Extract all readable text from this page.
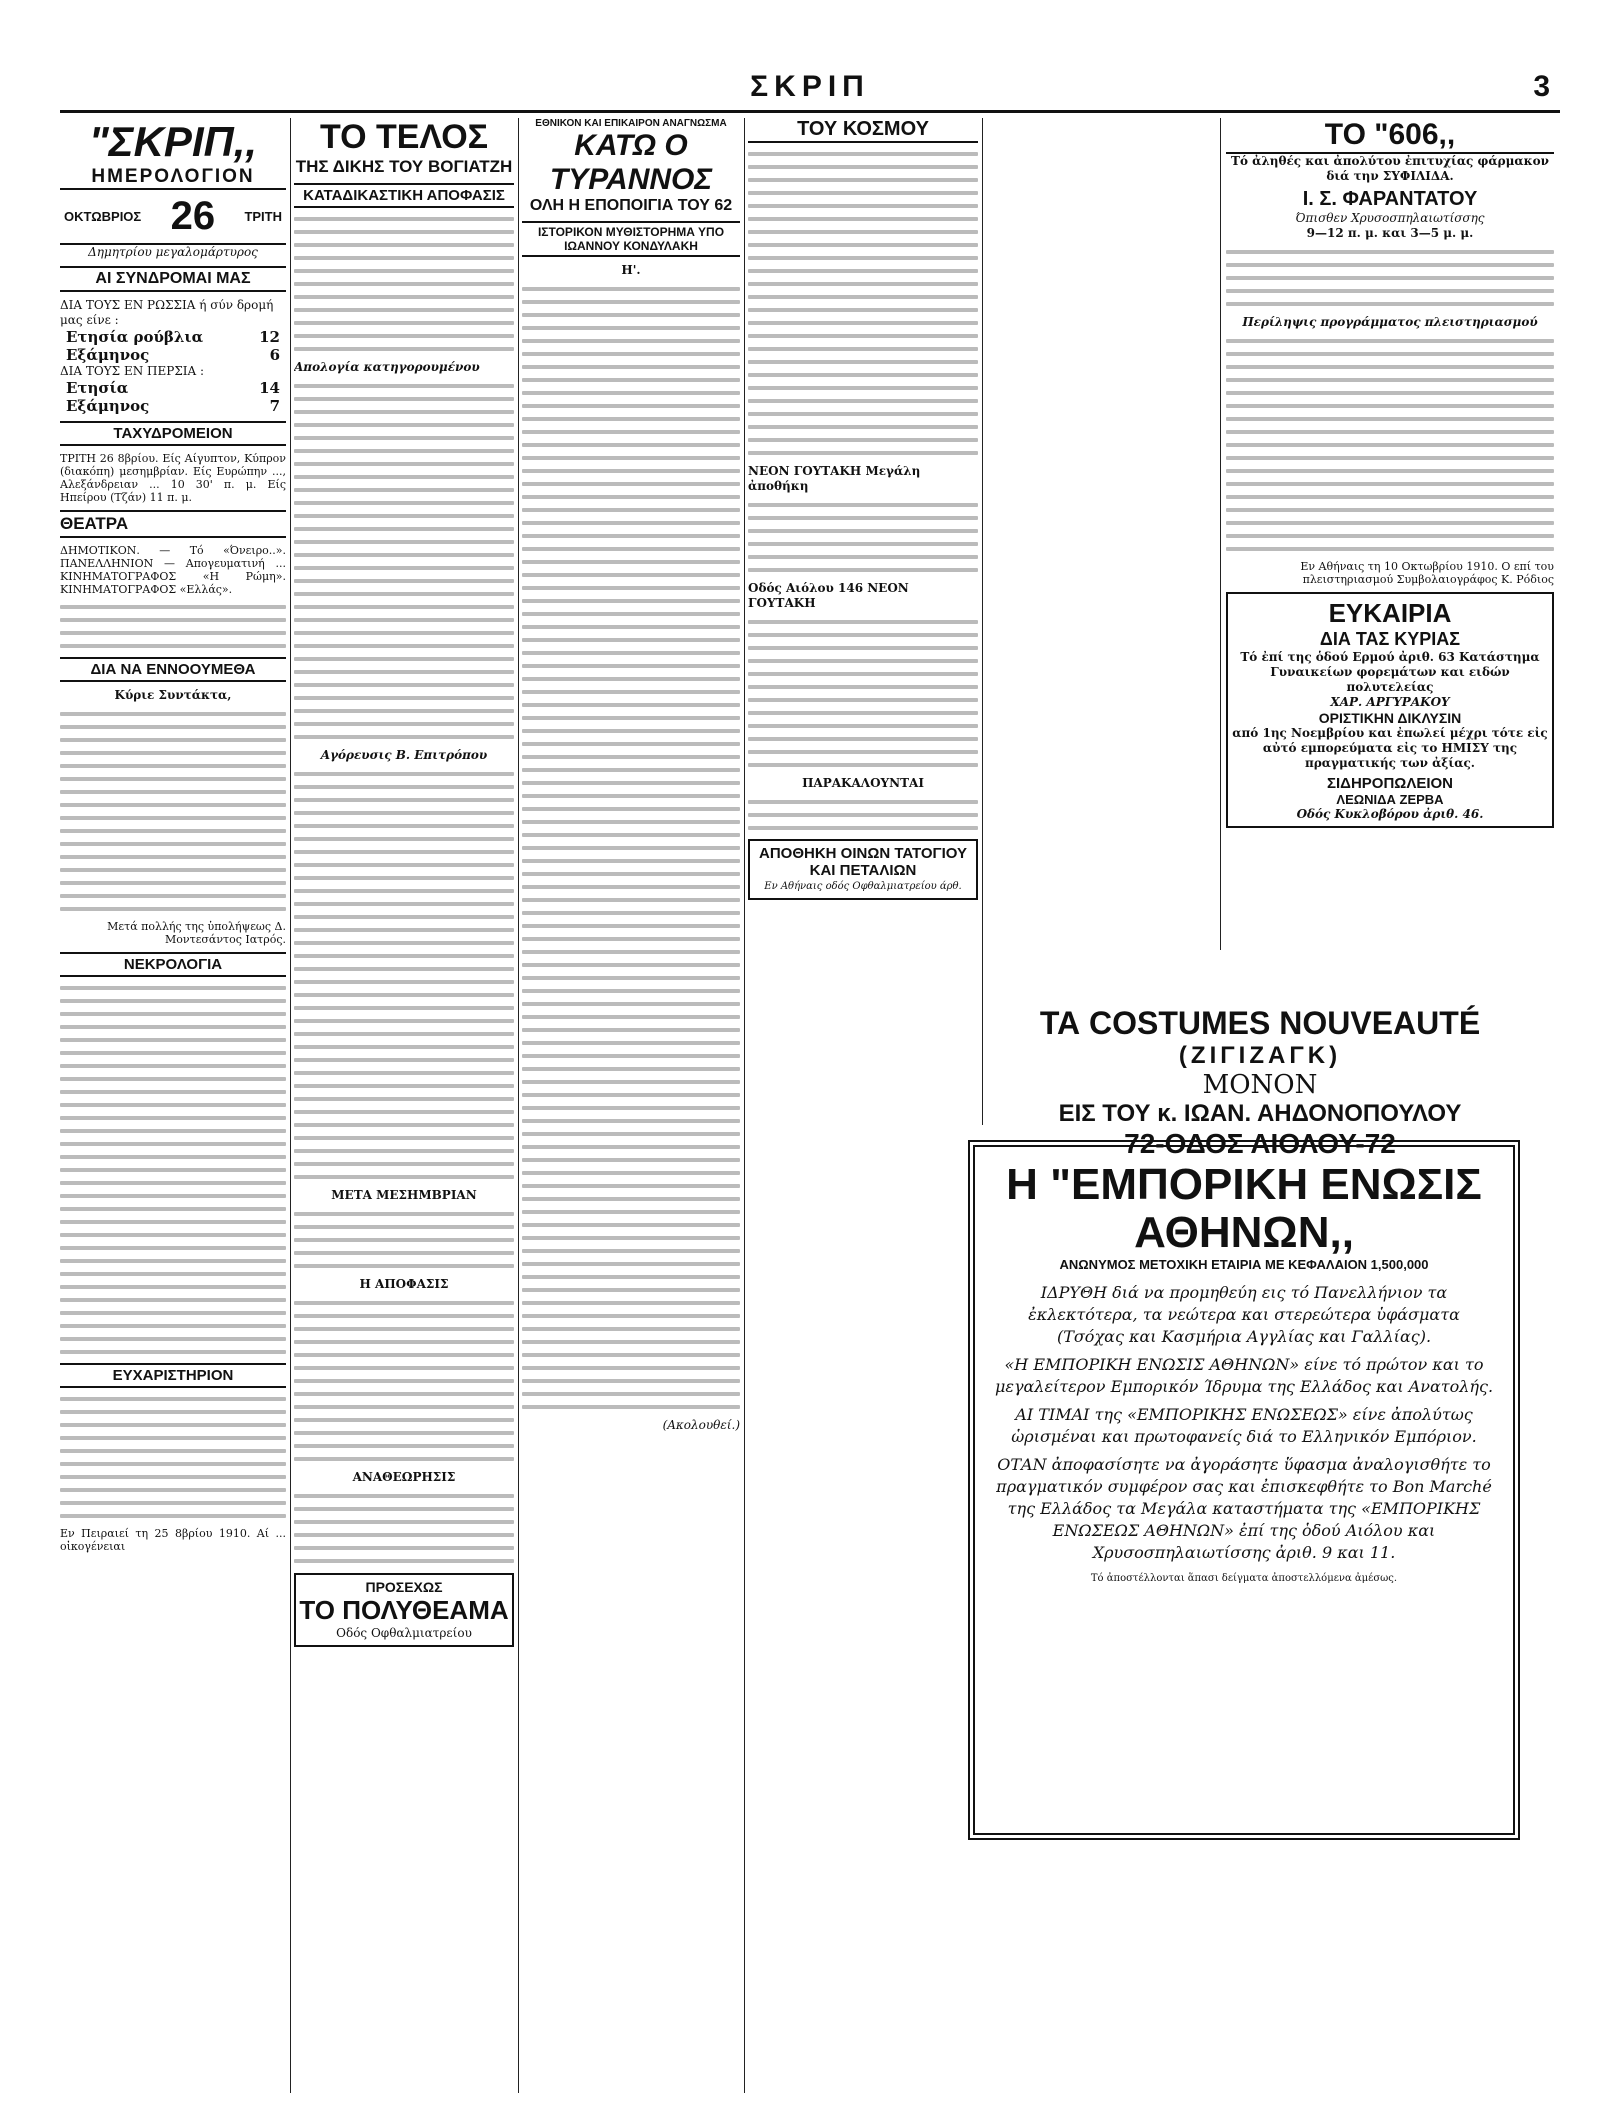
ΣΚΡΙΠ	3
"ΣΚΡΙΠ,,
ΗΜΕΡΟΛΟΓΙΟΝ
ΟΚΤΩΒΡΙΟΣ 26 ΤΡΙΤΗ
Δημητρίου μεγαλομάρτυρος
ΑΙ ΣΥΝΔΡΟΜΑΙ ΜΑΣ
ΔΙΑ ΤΟΥΣ ΕΝ ΡΩΣΣΙΑ ή σύν δρομή μας είνε :
Ετησία ρούβλια	12
Εξάμηνος	6
ΔΙΑ ΤΟΥΣ ΕΝ ΠΕΡΣΙΑ :
Ετησία	14
Εξάμηνος	7
ΤΑΧΥΔΡΟΜΕΙΟΝ
ΤΡΙΤΗ 26 8βρίου. Είς Αίγυπτον, Κύπρον (διακόπη) μεσημβρίαν. Είς Ευρώπην ..., Αλεξάνδρειαν ... 10 30' π. μ. Είς Ηπείρου (Τζάν) 11 π. μ.
ΘΕΑΤΡΑ
ΔΗΜΟΤΙΚΟΝ. — Τό «Όνειρο..». ΠΑΝΕΛΛΗΝΙΟΝ — Απογευματινή ... ΚΙΝΗΜΑΤΟΓΡΑΦΟΣ «Η Ρώμη». ΚΙΝΗΜΑΤΟΓΡΑΦΟΣ «Ελλάς».
ΔΙΑ ΝΑ ΕΝΝΟΟΥΜΕΘΑ
Κύριε Συντάκτα,
Μετά πολλής της ὑπολήψεως Δ. Μοντεσάντος Ιατρός.
ΝΕΚΡΟΛΟΓΙΑ
ΕΥΧΑΡΙΣΤΗΡΙΟΝ
Εν Πειραιεί τη 25 8βρίου 1910. Αί ... οἰκογένειαι
ΤΟ ΤΕΛΟΣ
ΤΗΣ ΔΙΚΗΣ ΤΟΥ ΒΟΓΙΑΤΖΗ
ΚΑΤΑΔΙΚΑΣΤΙΚΗ ΑΠΟΦΑΣΙΣ
Απολογία κατηγορουμένου
Αγόρευσις Β. Επιτρόπου
ΜΕΤΑ ΜΕΣΗΜΒΡΙΑΝ
Η ΑΠΟΦΑΣΙΣ
ΑΝΑΘΕΩΡΗΣΙΣ
ΠΡΟΣΕΧΩΣ
ΤΟ ΠΟΛΥΘΕΑΜΑ
Οδός Οφθαλμιατρείου
ΕΘΝΙΚΟΝ ΚΑΙ ΕΠΙΚΑΙΡΟΝ ΑΝΑΓΝΩΣΜΑ
ΚΑΤΩ Ο ΤΥΡΑΝΝΟΣ
ΟΛΗ Η ΕΠΟΠΟΙΓΙΑ ΤΟΥ 62
ΙΣΤΟΡΙΚΟΝ ΜΥΘΙΣΤΟΡΗΜΑ ΥΠΟ ΙΩΑΝΝΟΥ ΚΟΝΔΥΛΑΚΗ
Η'.
(Ακολουθεί.)
ΤΟΥ ΚΟΣΜΟΥ
ΝΕΟΝ ΓΟΥΤΑΚΗ Μεγάλη ἀποθήκη
Οδός Αιόλου 146 ΝΕΟΝ ΓΟΥΤΑΚΗ
ΠΑΡΑΚΑΛΟΥΝΤΑΙ
ΑΠΟΘΗΚΗ ΟΙΝΩΝ ΤΑΤΟΓΙΟΥ ΚΑΙ ΠΕΤΑΛΙΩΝ
Εν Αθήναις οδός Οφθαλμιατρείου άρθ.
ΤΟ "606,,
Τό ἀληθές και ἀπολύτου ἐπιτυχίας φάρμακον διά την ΣΥΦΙΛΙΔΑ.
Ι. Σ. ΦΑΡΑΝΤΑΤΟΥ
Όπισθεν Χρυσοσπηλαιωτίσσης
9—12 π. μ. και 3—5 μ. μ.
Περίληψις προγράμματος πλειστηριασμού
Εν Αθήναις τη 10 Οκτωβρίου 1910. Ο επί του πλειστηριασμού Συμβολαιογράφος Κ. Ρόδιος
ΕΥΚΑΙΡΙΑ
ΔΙΑ ΤΑΣ ΚΥΡΙΑΣ
Τό ἐπί της ὁδού Ερμού ἀριθ. 63 Κατάστημα Γυναικείων φορεμάτων και ειδών πολυτελείας
ΧΑΡ. ΑΡΓΥΡΑΚΟΥ
ΟΡΙΣΤΙΚΗΝ ΔΙΚΛΥΣΙΝ
από 1ης Νοεμβρίου και ἐπωλεί μέχρι τότε εἰς αὐτό εμπορεύματα εἰς το ΗΜΙΣΥ της πραγματικής των ἀξίας.
ΣΙΔΗΡΟΠΩΛΕΙΟΝ
ΛΕΩΝΙΔΑ ΖΕΡΒΑ
Οδός Κυκλοβόρου ἀριθ. 46.
ΤΑ COSTUMES NOUVEAUTÉ
(ΖΙΓΙΖΑΓΚ)
ΜΟΝΟΝ
ΕΙΣ ΤΟΥ κ. ΙΩΑΝ. ΑΗΔΟΝΟΠΟΥΛΟΥ
72-ΟΔΟΣ ΑΙΟΛΟΥ-72
Η "ΕΜΠΟΡΙΚΗ ΕΝΩΣΙΣ ΑΘΗΝΩΝ,,
ΑΝΩΝΥΜΟΣ ΜΕΤΟΧΙΚΗ ΕΤΑΙΡΙΑ ΜΕ ΚΕΦΑΛΑΙΟΝ 1,500,000

ΙΔΡΥΘΗ διά να προμηθεύη εις τό Πανελλήνιον τα ἐκλεκτότερα, τα νεώτερα και στερεώτερα ὑφάσματα (Τσόχας και Κασμήρια Αγγλίας και Γαλλίας).

«Η ΕΜΠΟΡΙΚΗ ΕΝΩΣΙΣ ΑΘΗΝΩΝ» είνε τό πρώτον και το μεγαλείτερον Εμπορικόν Ίδρυμα της Ελλάδος και Ανατολής.

ΑΙ ΤΙΜΑΙ της «ΕΜΠΟΡΙΚΗΣ ΕΝΩΣΕΩΣ» είνε ἀπολύτως ὡρισμέναι και πρωτοφανείς διά το Ελληνικόν Εμπόριον.

ΟΤΑΝ ἀποφασίσητε να ἀγοράσητε ὕφασμα ἀναλογισθήτε το πραγματικόν συμφέρον σας και ἐπισκεφθήτε το Bon Marché της Ελλάδος τα Μεγάλα καταστήματα της «ΕΜΠΟΡΙΚΗΣ ΕΝΩΣΕΩΣ ΑΘΗΝΩΝ» ἐπί της ὁδού Αιόλου και Χρυσοσπηλαιωτίσσης ἀριθ. 9 και 11.

Τό ἀποστέλλονται ἅπασι δείγματα ἀποστελλόμενα ἀμέσως.
